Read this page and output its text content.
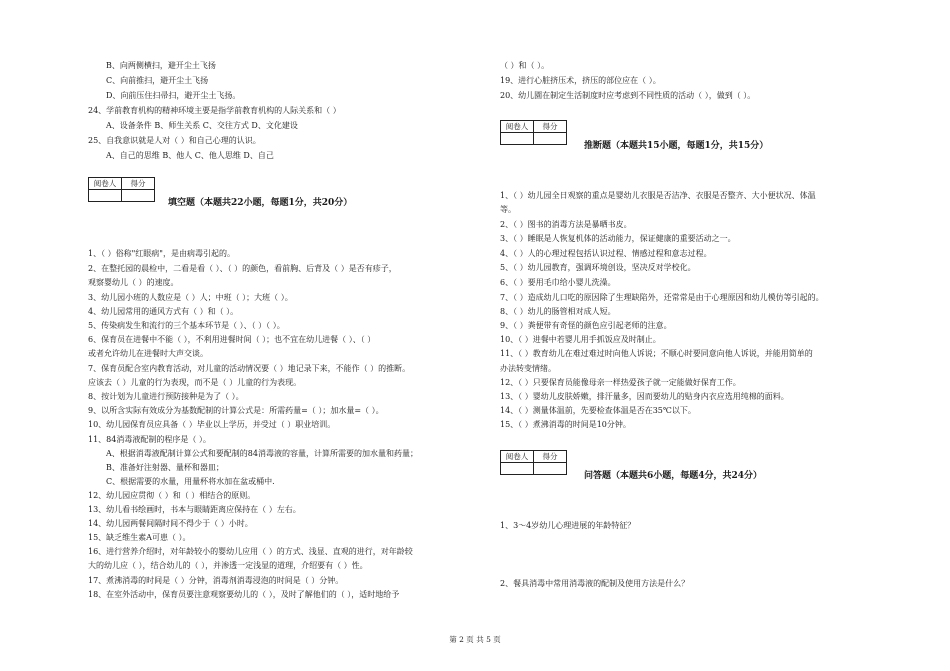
B、向两侧横扫，避开尘土飞扬
C、向前推扫，避开尘土飞扬
D、向前压住扫帚扫，避开尘土飞扬。
24、学前教育机构的精神环境主要是指学前教育机构的人际关系和（ ）
A、设备条件 B、师生关系 C、交往方式 D、文化建设
25、自我意识就是人对（ ）和自己心理的认识。
A、自己的思维 B、他人 C、他人思维 D、自己
阅卷人	得分

填空题（本题共22小题，每题1分，共20分）
1、（ ）俗称"红眼病"，是由病毒引起的。
2、在整托园的晨检中，二看是看（ ）、（ ）的颜色，看前胸、后背及（ ）是否有疹子，
观察婴幼儿（ ）的速度。
3、幼儿园小班的人数应是（ ）人；中班（ ）；大班（ ）。
4、幼儿园常用的通风方式有（ ）和（ ）。
5、传染病发生和流行的三个基本环节是（ ）、（ ）（ ）。
6、保育员在进餐中不能（ ），不利用进餐时间（ ）；也不宜在幼儿进餐（ ）、（ ）
或者允许幼儿在进餐时大声交谈。
7、保育员配合室内教育活动，对儿童的活动情况要（ ）地记录下来，不能作（ ）的推断。
应该去（ ）儿童的行为表现，而不是（ ）儿童的行为表现。
8、按计划为儿童进行预防接种是为了（ ）。
9、以所含实际有效成分为基数配制的计算公式是：所需药量=（ ）；加水量=（ ）。
10、幼儿园保育员应具备（ ）毕业以上学历，并受过（ ）职业培训。
11、84消毒液配制的程序是（ ）。
A、根据消毒液配制计算公式和要配制的84消毒液的容量，计算所需要的加水量和药量；
B、准备好注射器、量杯和器皿；
C、根据需要的水量，用量杯将水加在盆或桶中.
12、幼儿园应贯彻（ ）和（ ）相结合的原则。
13、幼儿看书绘画时，书本与眼睛距离应保持在（ ）左右。
14、幼儿园两餐间隔时间不得少于（ ）小时。
15、缺乏维生素A可患（ ）。
16、进行营养介绍时，对年龄较小的婴幼儿应用（ ）的方式、浅显、直观的进行，对年龄较
大的幼儿应（ ），结合幼儿的（ ），并渗透一定浅显的道理，介绍要有（ ）性。
17、煮沸消毒的时间是（ ）分钟，消毒剂消毒浸泡的时间是（ ）分钟。
18、在室外活动中，保育员要注意观察要幼儿的（ ），及时了解他们的（ ），适时地给予
（ ）和（ ）。
19、进行心脏挤压术，挤压的部位应在（ ）。
20、幼儿園在制定生活制度时应考虑到不同性质的活动（ ），做到（ ）。
阅卷人	得分

推断题（本题共15小题，每题1分，共15分）
1、（ ）幼儿园全日观察的重点是婴幼儿衣服是否洁净、衣服是否整齐、大小便状况、体温
等。
2、（ ）图书的消毒方法是暴晒书皮。
3、（ ）睡眠是人恢复机体的活动能力，保证健康的重要活动之一。
4、（ ）人的心理过程包括认识过程、情感过程和意志过程。
5、（ ）幼儿园教育，强调环境创设，坚决反对学校化。
6、（ ）要用毛巾给小婴儿洗澡。
7、（ ）造成幼儿口吃的原因除了生理缺陷外，还常常是由于心理原因和幼儿模仿等引起的。
8、（ ）幼儿的肠管相对成人短。
9、（ ）粪便带有奇怪的颜色应引起老师的注意。
10、（ ）进餐中若婴儿用手抓饭应及时制止。
11、（ ）教育幼儿在难过难过时向他人诉说；不顺心时要同意向他人诉说，并能用简单的
办法转变情绪。
12、（ ）只要保育员能像母亲一样热爱孩子就一定能做好保育工作。
13、（ ）婴幼儿皮肤娇嫩，排汗量多，因而要幼儿的贴身内衣应选用纯棉的面料。
14、（ ）测量体温前，先要检查体温是否在35℃以下。
15、（ ）煮沸消毒的时间是10分钟。
阅卷人	得分

问答题（本题共6小题，每题4分，共24分）
1、3～4岁幼儿心理进展的年龄特征？
2、餐具消毒中常用消毒液的配制及使用方法是什么？
第 2 页 共 5 页
